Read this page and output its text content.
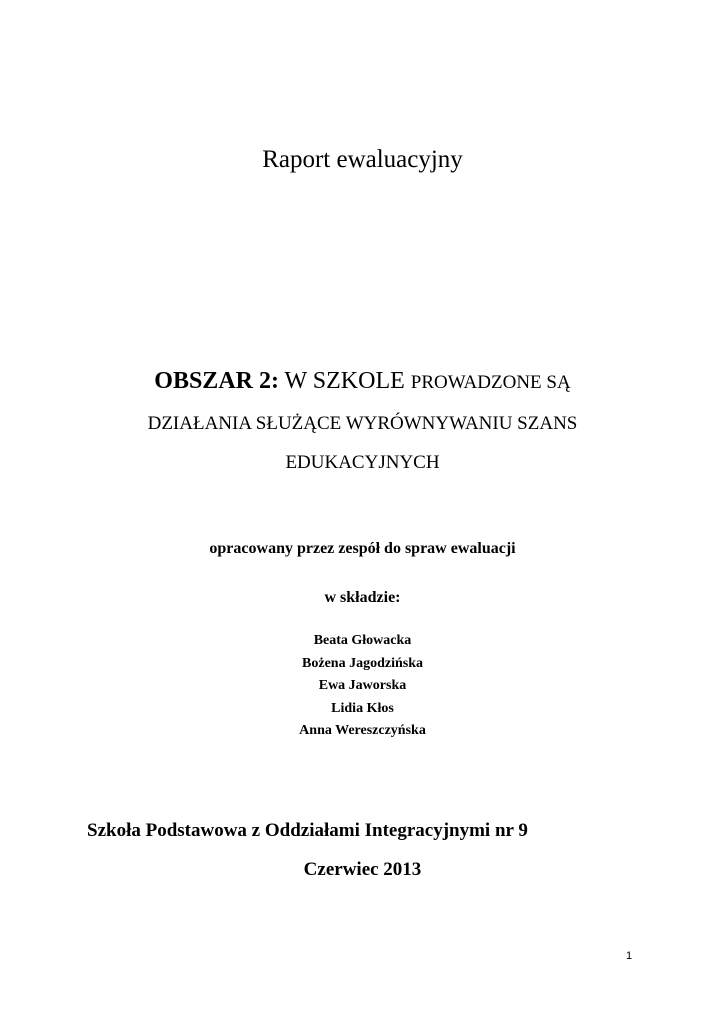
Raport ewaluacyjny
OBSZAR 2: W SZKOLE PROWADZONE SĄ
DZIAŁANIA SŁUŻĄCE WYRÓWNYWANIU SZANS
EDUKACYJNYCH
opracowany przez zespół do spraw ewaluacji
w składzie:
Beata Głowacka
Bożena Jagodzińska
Ewa Jaworska
Lidia Kłos
Anna Wereszczyńska
Szkoła Podstawowa z Oddziałami Integracyjnymi nr 9
Czerwiec 2013
1
